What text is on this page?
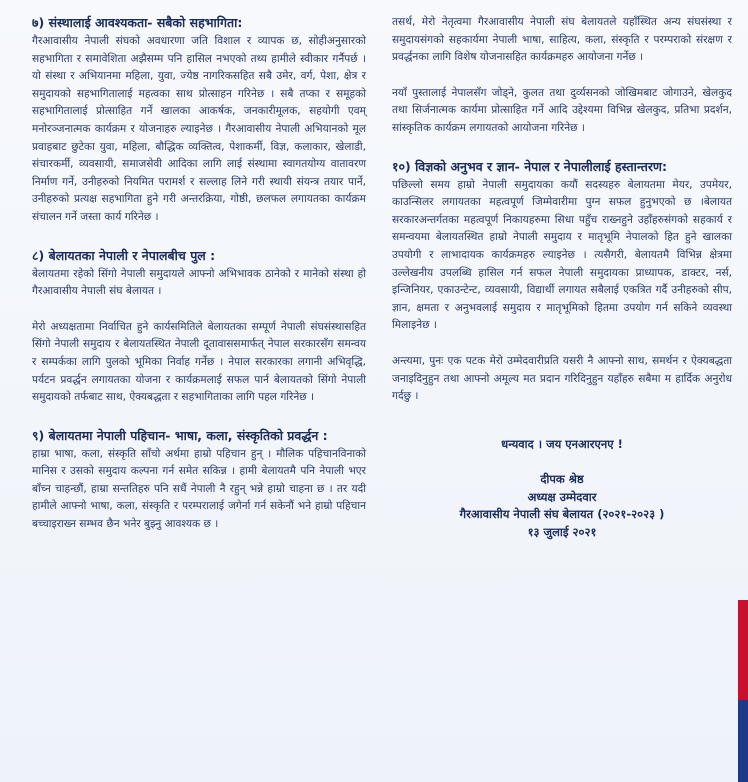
७) संस्थालाई आवश्यकता- सबैको सहभागिता:

गैरआवासीय नेपाली संघको अवधारणा जति विशाल र व्यापक छ, सोहीअनुसारको सहभागिता र समावेशिता अझैसम्म पनि हासिल नभएको तथ्य हामीले स्वीकार गर्नैपर्छ । यो संस्था र अभियानमा महिला, युवा, ज्येष्ठ नागरिकसहित सबै उमेर, वर्ग, पेशा, क्षेत्र र समुदायको सहभागितालाई महत्वका साथ प्रोत्साहन गरिनेछ । सबै तप्का र समूहको सहभागितालाई प्रोत्साहित गर्ने खालका आकर्षक, जनकारीमूलक, सहयोगी एवम् मनोरञ्जनात्मक कार्यक्रम र योजनाहरु ल्याइनेछ । गैरआवासीय नेपाली अभियानको मूल प्रवाहबाट छुटेका युवा, महिला, बौद्धिक व्यक्तित्व, पेशाकर्मी, विज्ञ, कलाकार, खेलाडी, संचारकर्मी, व्यवसायी, समाजसेवी आदिका लागि लाई संस्थामा स्वागतयोग्य वातावरण निर्माण गर्ने, उनीहरुको नियमित परामर्श र सल्लाह लिने गरी स्थायी संयन्त्र तयार पार्ने, उनीहरुको प्रत्यक्ष सहभागिता हुने गरी अन्तरक्रिया, गोष्ठी, छलफल लगायतका कार्यक्रम संचालन गर्ने जस्ता कार्य गरिनेछ ।

८) बेलायतका नेपाली र नेपालबीच पुल :

बेलायतमा रहेको सिंगो नेपाली समुदायले आफ्नो अभिभावक ठानेको र मानेको संस्था हो गैरआवासीय नेपाली संघ बेलायत ।

मेरो अध्यक्षतामा निर्वाचित हुने कार्यसमितिले बेलायतका सम्पूर्ण नेपाली संघसंस्थासहित सिंगो नेपाली समुदाय र बेलायतस्थित नेपाली दूतावाससमार्फत् नेपाल सरकारसँग समन्वय र सम्पर्कका लागि पुलको भूमिका निर्वाह गर्नेछ । नेपाल सरकारका लगानी अभिवृद्धि, पर्यटन प्रवर्द्धन लगायतका योजना र कार्यक्रमलाई सफल पार्न बेलायतको सिंगो नेपाली समुदायको तर्फबाट साथ, ऐक्यबद्धता र सहभागिताका लागि पहल गरिनेछ ।

९) बेलायतमा नेपाली पहिचान- भाषा, कला, संस्कृतिको प्रवर्द्धन :

हाम्रा भाषा, कला, संस्कृति साँचो अर्थमा हाम्रो पहिचान हुन् । मौलिक पहिचानविनाको मानिस र उसको समुदाय कल्पना गर्न समेत सकिन्न । हामी बेलायतमै पनि नेपाली भएर बाँच्न चाहन्छौं, हाम्रा सन्ततिहरु पनि सधैं नेपाली नै रहुन् भन्ने हाम्रो चाहना छ । तर यदी हामीले आफ्नो भाषा, कला, संस्कृति र परम्परालाई जगेर्ना गर्न सकेनौं भने हाम्रो पहिचान बच्चाइराख्न सम्भव छैन भनेर बुझ्नु आवश्यक छ ।

तसर्थ, मेरो नेतृत्वमा गैरआवासीय नेपाली संघ बेलायतले यहाँस्थित अन्य संघसंस्था र समुदायसंगको सहकार्यमा नेपाली भाषा, साहित्य, कला, संस्कृति र परम्पराको संरक्षण र प्रवर्द्धनका लागि विशेष योजनासहित कार्यक्रमहरु आयोजना गर्नेछ ।

नयाँ पुस्तालाई नेपालसँग जोड्ने, कुलत तथा दुर्व्यसनको जोखिमबाट जोगाउने, खेलकुद तथा सिर्जनात्मक कार्यमा प्रोत्साहित गर्ने आदि उद्देश्यमा विभिन्न खेलकुद, प्रतिभा प्रदर्शन, सांस्कृतिक कार्यक्रम लगायतको आयोजना गरिनेछ ।

१०) विज्ञको अनुभव र ज्ञान- नेपाल र नेपालीलाई हस्तान्तरण:

पछिल्लो समय हाम्रो नेपाली समुदायका कयौं सदस्यहरु बेलायतमा मेयर, उपमेयर, काउन्सिलर लगायतका महत्वपूर्ण जिम्मेवारीमा पुग्न सफल हुनुभएको छ ।बेलायत सरकारअन्तर्गतका महत्वपूर्ण निकायहरुमा सिधा पहुँच राख्नहुने उहाँहरुसंगको सहकार्य र समन्वयमा बेलायतस्थित हाम्रो नेपाली समुदाय र मातृभूमि नेपालको हित हुने खालका उपयोगी र लाभादायक कार्यक्रमहरु ल्याइनेछ । त्यसैगरी, बेलायतमै विभिन्न क्षेत्रमा उल्लेखनीय उपलब्धि हासिल गर्न सफल नेपाली समुदायका प्राध्यापक, डाक्टर, नर्स, इन्जिनियर, एकाउन्टेन्ट, व्यवसायी, विद्यार्थी लगायत सबैलाई एकत्रित गर्दै उनीहरुको सीप, ज्ञान, क्षमता र अनुभवलाई समुदाय र मातृभूमिको हितमा उपयोग गर्न सकिने व्यवस्था मिलाइनेछ ।

अन्त्यमा, पुनः एक पटक मेरो उम्मेदवारीप्रति यसरी नै आफ्नो साथ, समर्थन र ऐक्यबद्धता जनाइदिनुहुन तथा आफ्नो अमूल्य मत प्रदान गरिदिनुहुन यहाँहरु सबैमा म हार्दिक अनुरोध गर्दछु ।

धन्यवाद । जय एनआरएनए !
दीपक श्रेष्ठ
अध्यक्ष उम्मेदवार
गैरआवासीय नेपाली संघ बेलायत (२०२१-२०२३ )
१३ जुलाई २०२१
